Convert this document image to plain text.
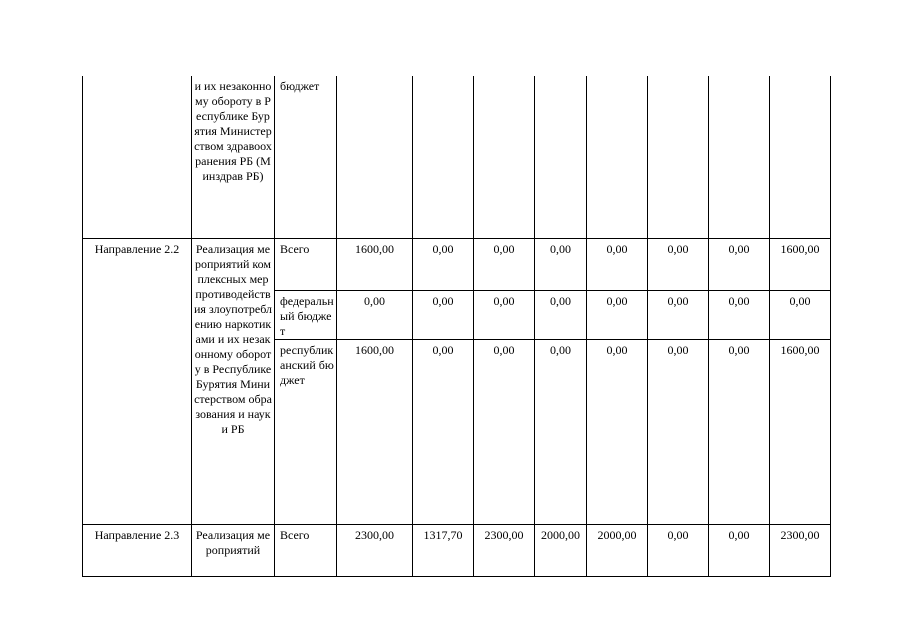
	и их незаконному обороту в Республике Бурятия Министерством здравоохранения РБ (Минздрав РБ)	бюджет								
Направление 2.2	Реализация мероприятий комплексных мер противодействия злоупотреблению наркотиками и их незаконному обороту в Республике Бурятия Министерством образования и науки РБ	Всего	1600,00	0,00	0,00	0,00	0,00	0,00	0,00	1600,00
		федеральный бюджет	0,00	0,00	0,00	0,00	0,00	0,00	0,00	0,00
		республиканский бюджет	1600,00	0,00	0,00	0,00	0,00	0,00	0,00	1600,00
Направление 2.3	Реализация мероприятий	Всего	2300,00	1317,70	2300,00	2000,00	2000,00	0,00	0,00	2300,00
